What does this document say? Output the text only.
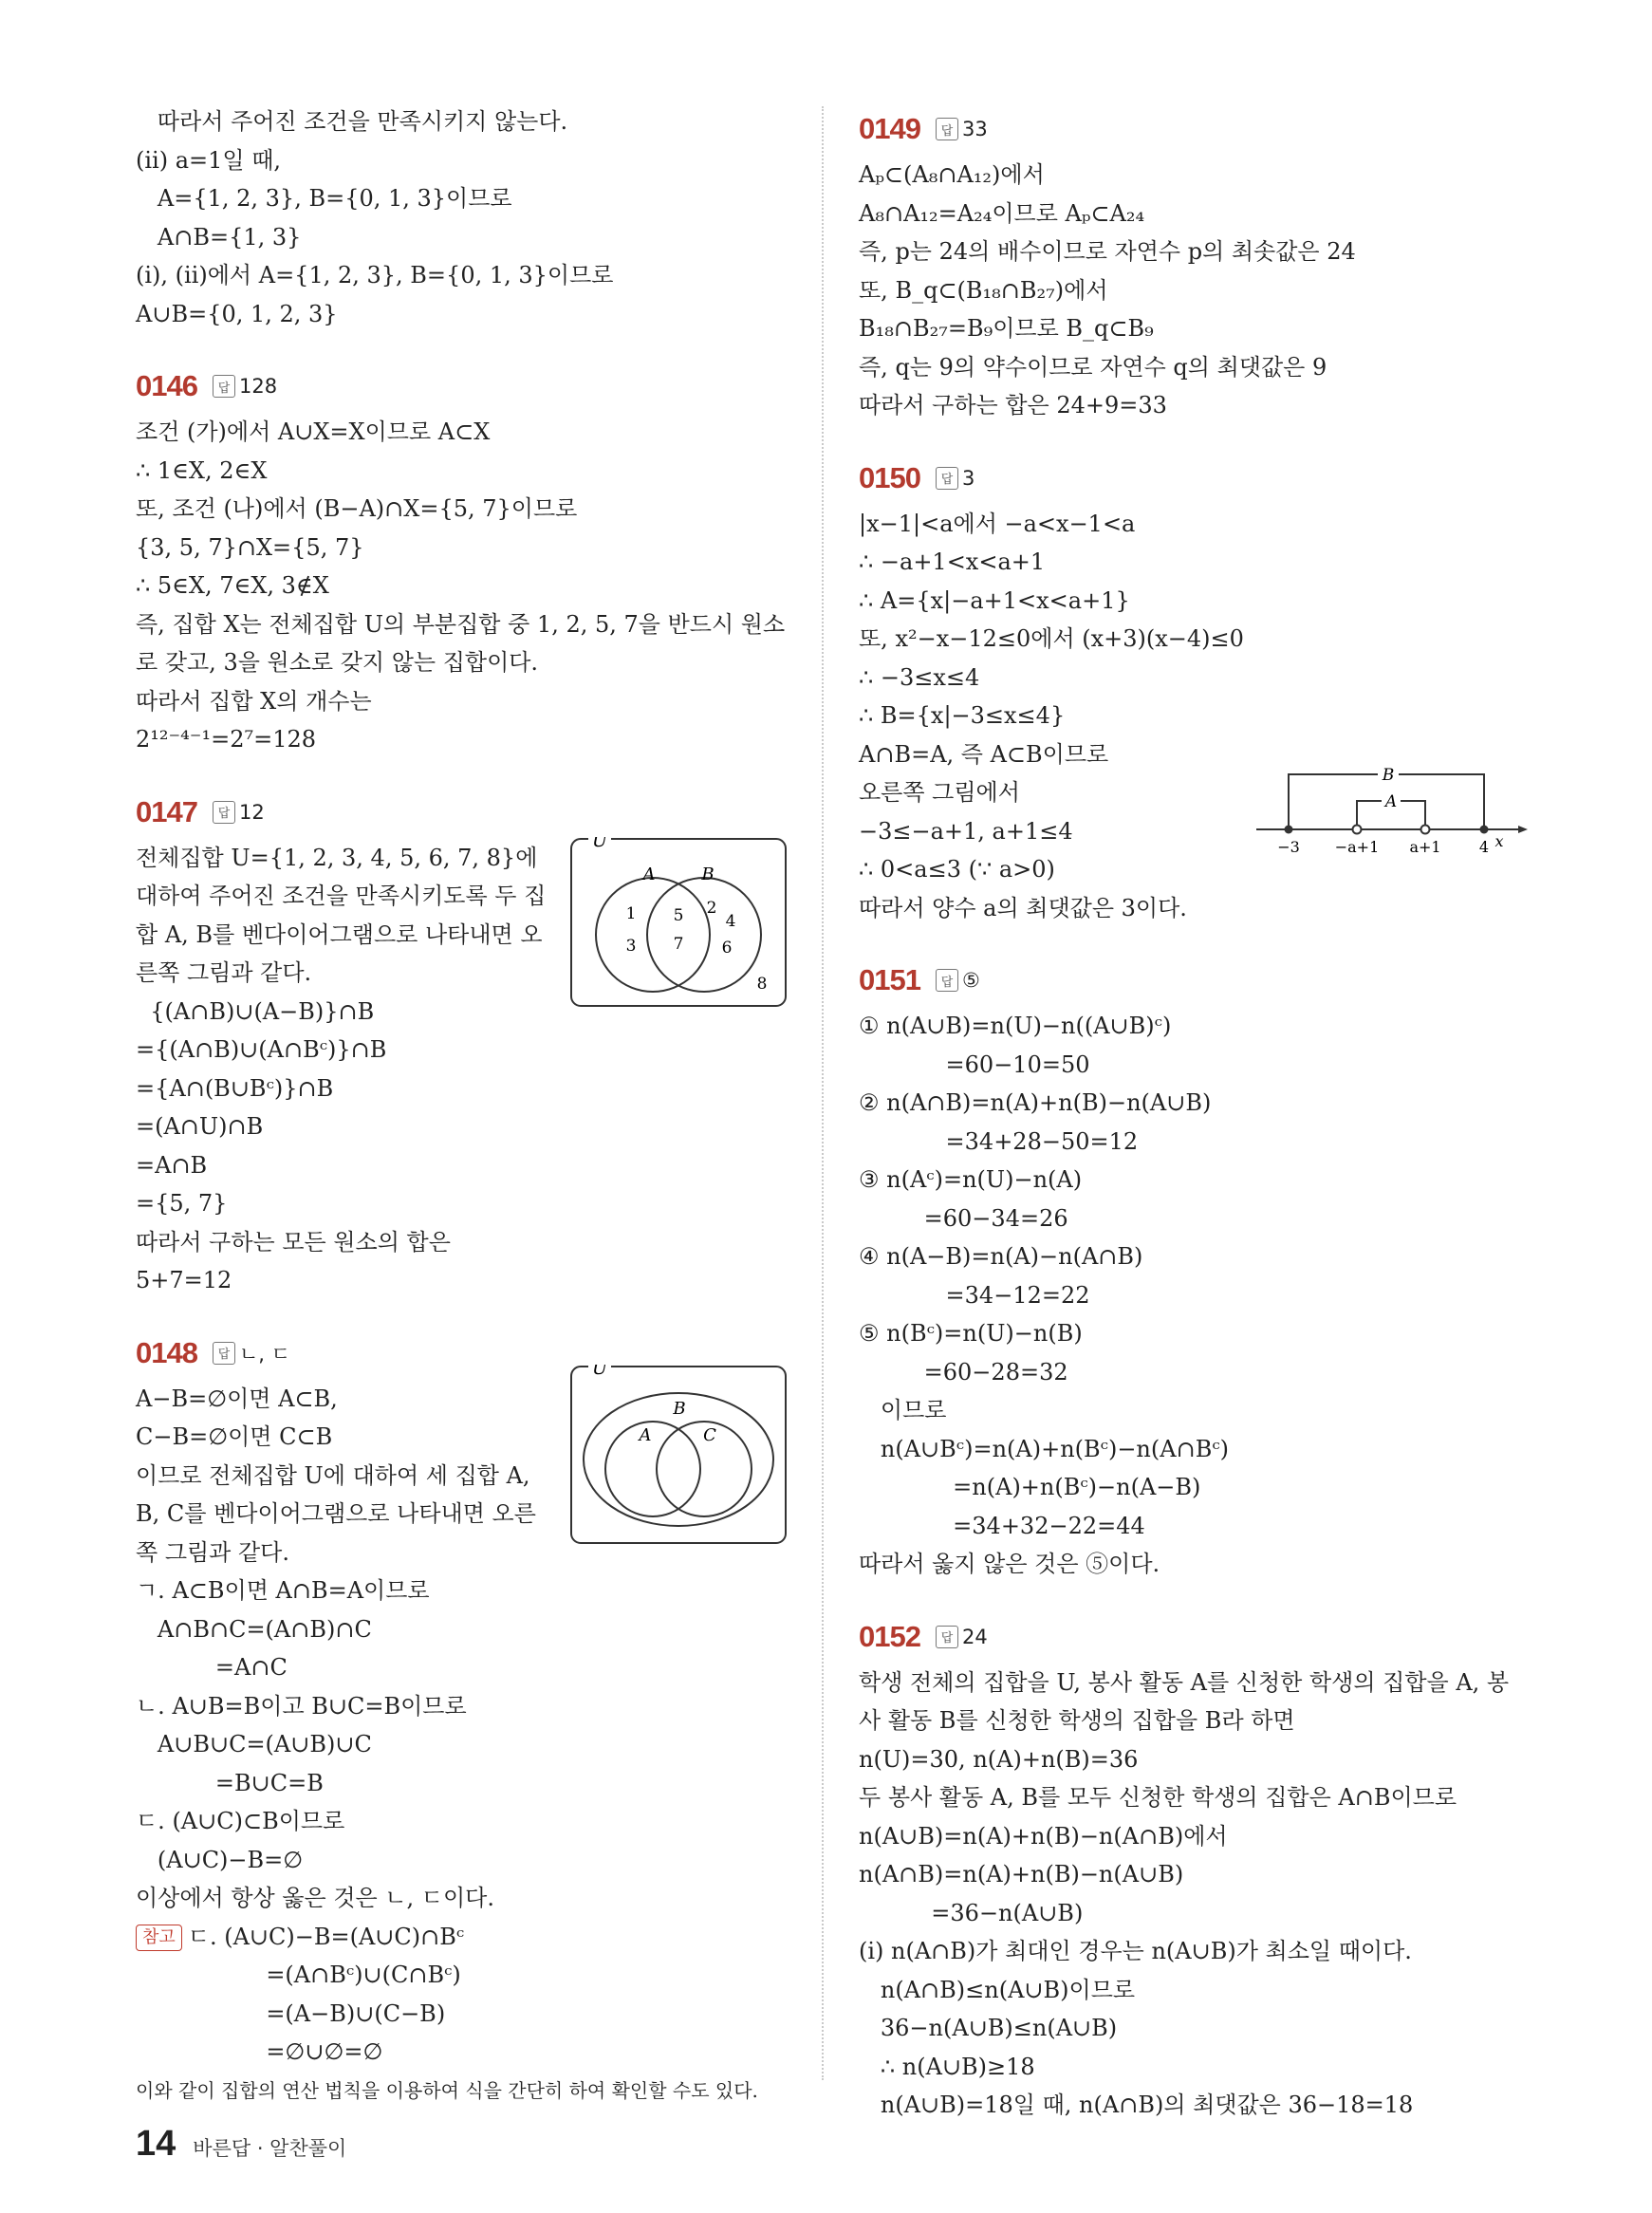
따라서 주어진 조건을 만족시키지 않는다.
(ⅱ) a=1일 때,
A={1, 2, 3}, B={0, 1, 3}이므로
A∩B={1, 3}
(ⅰ), (ⅱ)에서 A={1, 2, 3}, B={0, 1, 3}이므로
A∪B={0, 1, 2, 3}
0146	답 128
조건 (가)에서 A∪X=X이므로 A⊂X
∴ 1∈X, 2∈X
또, 조건 (나)에서 (B−A)∩X={5, 7}이므로
{3, 5, 7}∩X={5, 7}
∴ 5∈X, 7∈X, 3∉X
즉, 집합 X는 전체집합 U의 부분집합 중 1, 2, 5, 7을 반드시 원소
로 갖고, 3을 원소로 갖지 않는 집합이다.
따라서 집합 X의 개수는
2¹²⁻⁴⁻¹=2⁷=128
0147	답 12
전체집합 U={1, 2, 3, 4, 5, 6, 7, 8}에
대하여 주어진 조건을 만족시키도록 두 집
합 A, B를 벤다이어그램으로 나타내면 오
른쪽 그림과 같다.
{(A∩B)∪(A−B)}∩B
={(A∩B)∪(A∩Bᶜ)}∩B
={A∩(B∪Bᶜ)}∩B
=(A∩U)∩B
=A∩B
={5, 7}
따라서 구하는 모든 원소의 합은
5+7=12
0148	답 ㄴ, ㄷ
A−B=∅이면 A⊂B,
C−B=∅이면 C⊂B
이므로 전체집합 U에 대하여 세 집합 A,
B, C를 벤다이어그램으로 나타내면 오른
쪽 그림과 같다.
ㄱ. A⊂B이면 A∩B=A이므로
A∩B∩C=(A∩B)∩C
=A∩C
ㄴ. A∪B=B이고 B∪C=B이므로
A∪B∪C=(A∪B)∪C
=B∪C=B
ㄷ. (A∪C)⊂B이므로
(A∪C)−B=∅
이상에서 항상 옳은 것은 ㄴ, ㄷ이다.
참고 ㄷ. (A∪C)−B=(A∪C)∩Bᶜ
=(A∩Bᶜ)∪(C∩Bᶜ)
=(A−B)∪(C−B)
=∅∪∅=∅
이와 같이 집합의 연산 법칙을 이용하여 식을 간단히 하여 확인할 수도 있다.
0149	답 33
Aₚ⊂(A₈∩A₁₂)에서
A₈∩A₁₂=A₂₄이므로 Aₚ⊂A₂₄
즉, p는 24의 배수이므로 자연수 p의 최솟값은 24
또, B_q⊂(B₁₈∩B₂₇)에서
B₁₈∩B₂₇=B₉이므로 B_q⊂B₉
즉, q는 9의 약수이므로 자연수 q의 최댓값은 9
따라서 구하는 합은 24+9=33
0150	답 3
|x−1|<a에서 −a<x−1<a
∴ −a+1<x<a+1
∴ A={x|−a+1<x<a+1}
또, x²−x−12≤0에서 (x+3)(x−4)≤0
∴ −3≤x≤4
∴ B={x|−3≤x≤4}
A∩B=A, 즉 A⊂B이므로
오른쪽 그림에서
−3≤−a+1, a+1≤4
∴ 0<a≤3 (∵ a>0)
따라서 양수 a의 최댓값은 3이다.
0151	답 ⑤
① n(A∪B)=n(U)−n((A∪B)ᶜ)
=60−10=50
② n(A∩B)=n(A)+n(B)−n(A∪B)
=34+28−50=12
③ n(Aᶜ)=n(U)−n(A)
=60−34=26
④ n(A−B)=n(A)−n(A∩B)
=34−12=22
⑤ n(Bᶜ)=n(U)−n(B)
=60−28=32
이므로
n(A∪Bᶜ)=n(A)+n(Bᶜ)−n(A∩Bᶜ)
=n(A)+n(Bᶜ)−n(A−B)
=34+32−22=44
따라서 옳지 않은 것은 ⑤이다.
0152	답 24
학생 전체의 집합을 U, 봉사 활동 A를 신청한 학생의 집합을 A, 봉
사 활동 B를 신청한 학생의 집합을 B라 하면
n(U)=30, n(A)+n(B)=36
두 봉사 활동 A, B를 모두 신청한 학생의 집합은 A∩B이므로
n(A∪B)=n(A)+n(B)−n(A∩B)에서
n(A∩B)=n(A)+n(B)−n(A∪B)
=36−n(A∪B)
(ⅰ) n(A∩B)가 최대인 경우는 n(A∪B)가 최소일 때이다.
n(A∩B)≤n(A∪B)이므로
36−n(A∪B)≤n(A∪B)
∴ n(A∪B)≥18
n(A∪B)=18일 때, n(A∩B)의 최댓값은 36−18=18
U
A	B
1
3
5
7
2
4
6
8
U
B
A	C
x
B
A
−3 −a+1 a+1	4
14 바른답 · 알찬풀이
